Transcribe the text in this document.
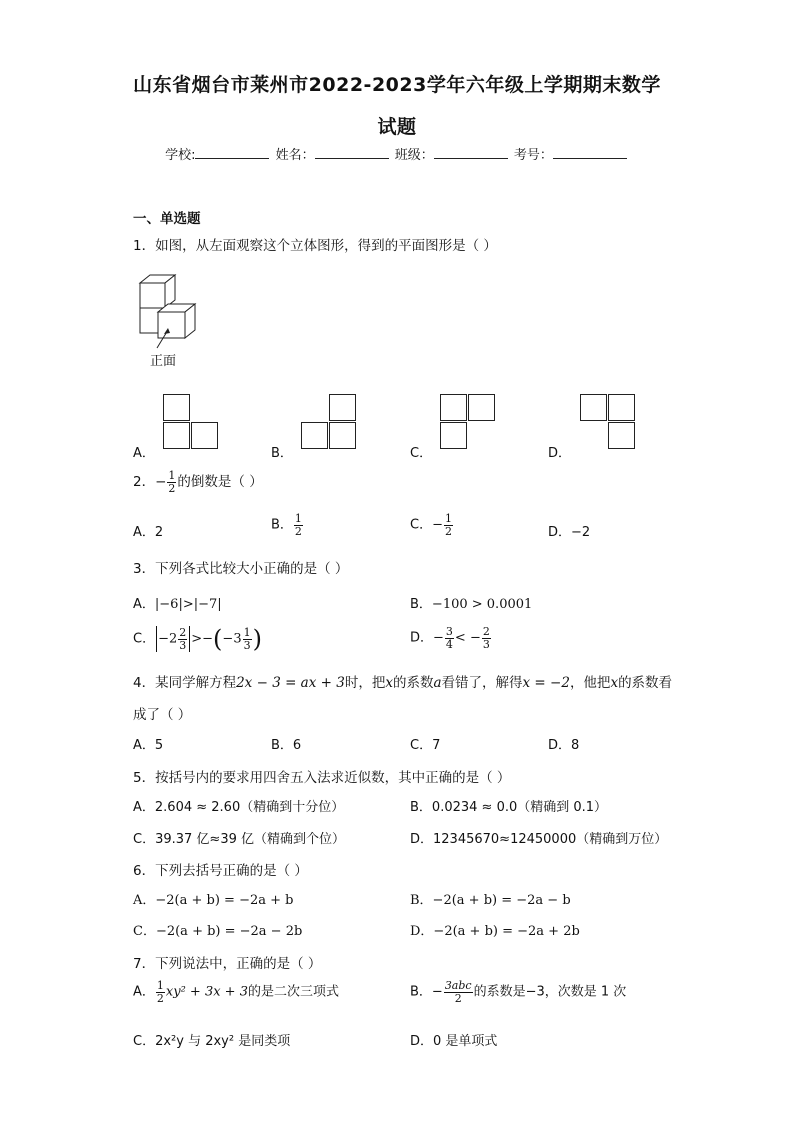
山东省烟台市莱州市2022-2023学年六年级上学期期末数学
试题
学校:	姓名：	班级：	考号：
一、单选题
1．如图，从左面观察这个立体图形，得到的平面图形是（ ）
正面
A．	B．	C．	D．
2．− $\frac{1}{2}$ 的倒数是（ ）
A．2	B． $\frac{1}{2}$	C．− $\frac{1}{2}$	D．−2
3．下列各式比较大小正确的是（ ）
A．|−6|>|−7|	B．−100 > 0.0001
C． $-2 \frac{2}{3} >-(-3 \frac{1}{3}$ )	D．− $\frac{3}{4}$ < − $\frac{2}{3}$
4．某同学解方程2x − 3 = ax + 3时，把x的系数a看错了，解得x = −2，他把x的系数看
成了（ ）
A．5	B．6	C．7	D．8
5．按括号内的要求用四舍五入法求近似数，其中正确的是（ ）
A．2.604 ≈ 2.60（精确到十分位）	B．0.0234 ≈ 0.0（精确到 0.1）
C．39.37 亿≈39 亿（精确到个位）	D．12345670≈12450000（精确到万位）
6．下列去括号正确的是（ ）
A．−2(a + b) = −2a + b	B．−2(a + b) = −2a − b
C．−2(a + b) = −2a − 2b	D．−2(a + b) = −2a + 2b
7．下列说法中，正确的是（ ）
A． $\frac{1}{2} xy^2 + 3x + 3$的是二次三项式	B．− $\frac{\text{3abc}}{2}$ 的系数是−3，次数是 1 次
C．2x²y 与 2xy² 是同类项	D．0 是单项式
